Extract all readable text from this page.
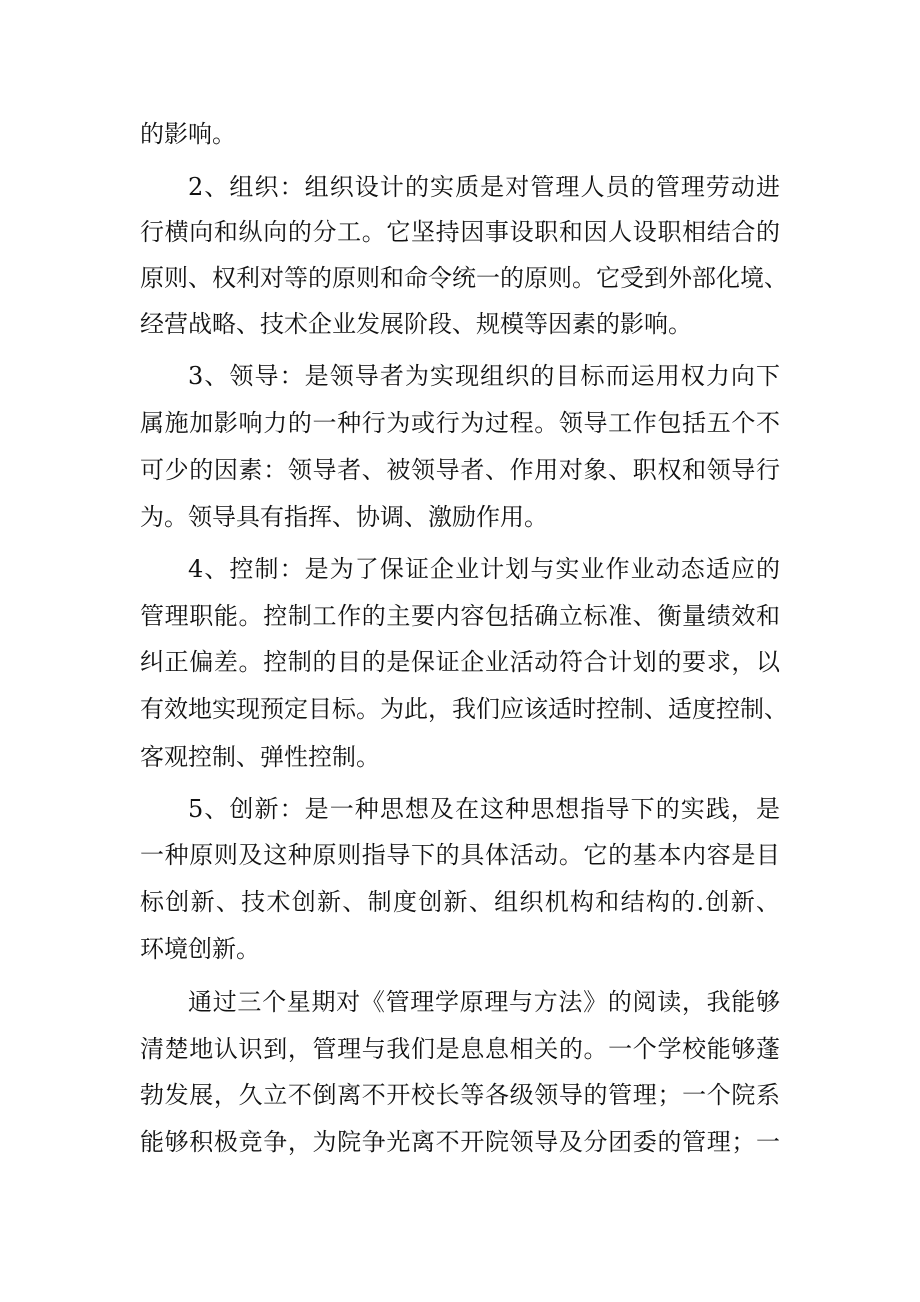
的影响。
2、组织：组织设计的实质是对管理人员的管理劳动进
行横向和纵向的分工。它坚持因事设职和因人设职相结合的
原则、权利对等的原则和命令统一的原则。它受到外部化境、
经营战略、技术企业发展阶段、规模等因素的影响。
3、领导：是领导者为实现组织的目标而运用权力向下
属施加影响力的一种行为或行为过程。领导工作包括五个不
可少的因素：领导者、被领导者、作用对象、职权和领导行
为。领导具有指挥、协调、激励作用。
4、控制：是为了保证企业计划与实业作业动态适应的
管理职能。控制工作的主要内容包括确立标准、衡量绩效和
纠正偏差。控制的目的是保证企业活动符合计划的要求，以
有效地实现预定目标。为此，我们应该适时控制、适度控制、
客观控制、弹性控制。
5、创新：是一种思想及在这种思想指导下的实践，是
一种原则及这种原则指导下的具体活动。它的基本内容是目
标创新、技术创新、制度创新、组织机构和结构的.创新、
环境创新。
通过三个星期对《管理学原理与方法》的阅读，我能够
清楚地认识到，管理与我们是息息相关的。一个学校能够蓬
勃发展，久立不倒离不开校长等各级领导的管理；一个院系
能够积极竞争，为院争光离不开院领导及分团委的管理；一
